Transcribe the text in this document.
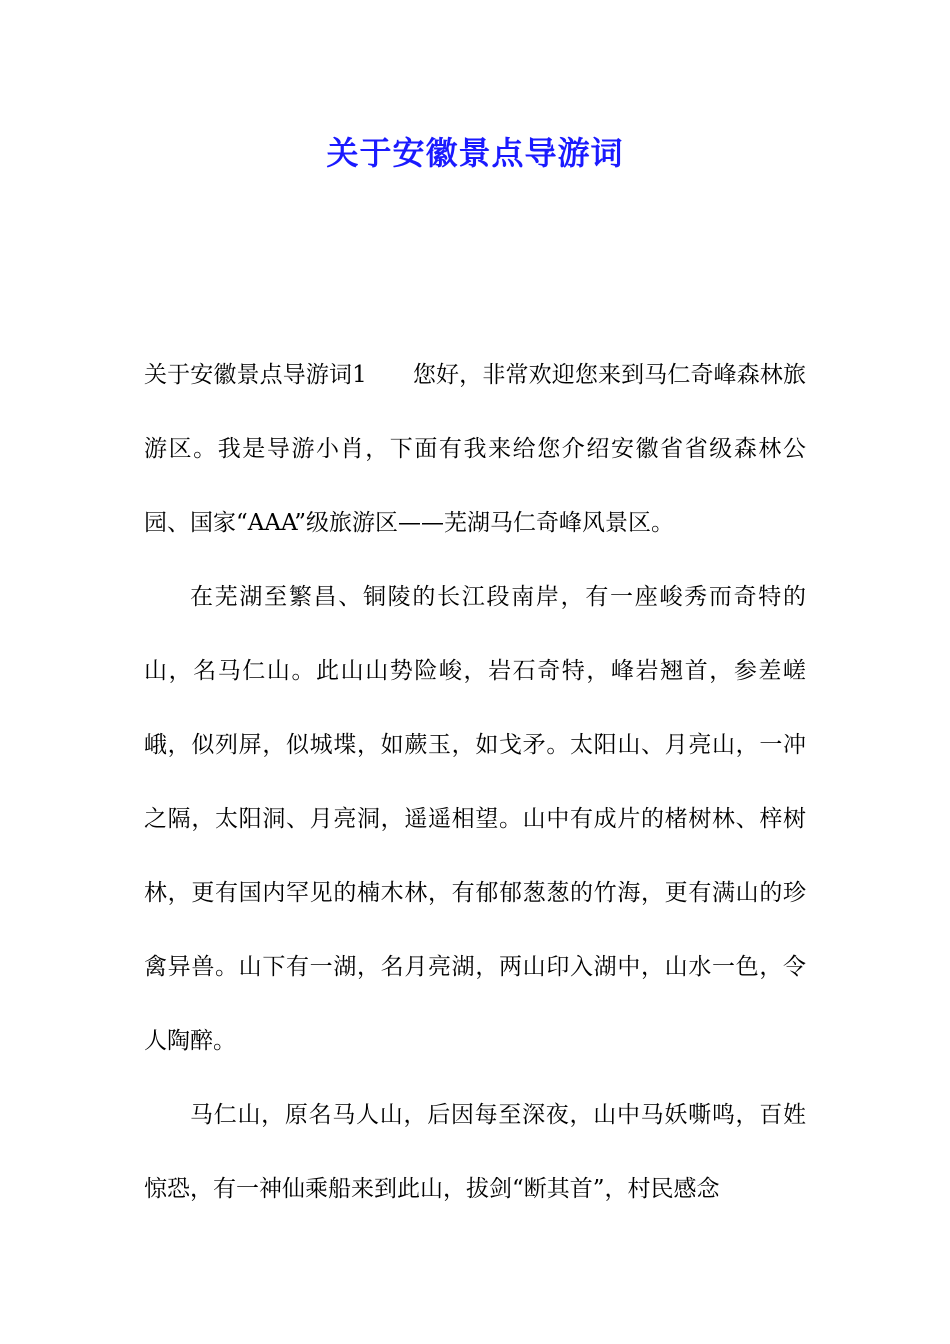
关于安徽景点导游词

关于安徽景点导游词1 您好，非常欢迎您来到马仁奇峰森林旅游区。我是导游小肖，下面有我来给您介绍安徽省省级森林公园、国家“AAA”级旅游区——芜湖马仁奇峰风景区。

在芜湖至繁昌、铜陵的长江段南岸，有一座峻秀而奇特的山，名马仁山。此山山势险峻，岩石奇特，峰岩翘首，参差嵯峨，似列屏，似城堞，如蕨玉，如戈矛。太阳山、月亮山，一冲之隔，太阳洞、月亮洞，遥遥相望。山中有成片的楮树林、梓树林，更有国内罕见的楠木林，有郁郁葱葱的竹海，更有满山的珍禽异兽。山下有一湖，名月亮湖，两山印入湖中，山水一色，令人陶醉。

马仁山，原名马人山，后因每至深夜，山中马妖嘶鸣，百姓惊恐，有一神仙乘船来到此山，拔剑“断其首”，村民感念
